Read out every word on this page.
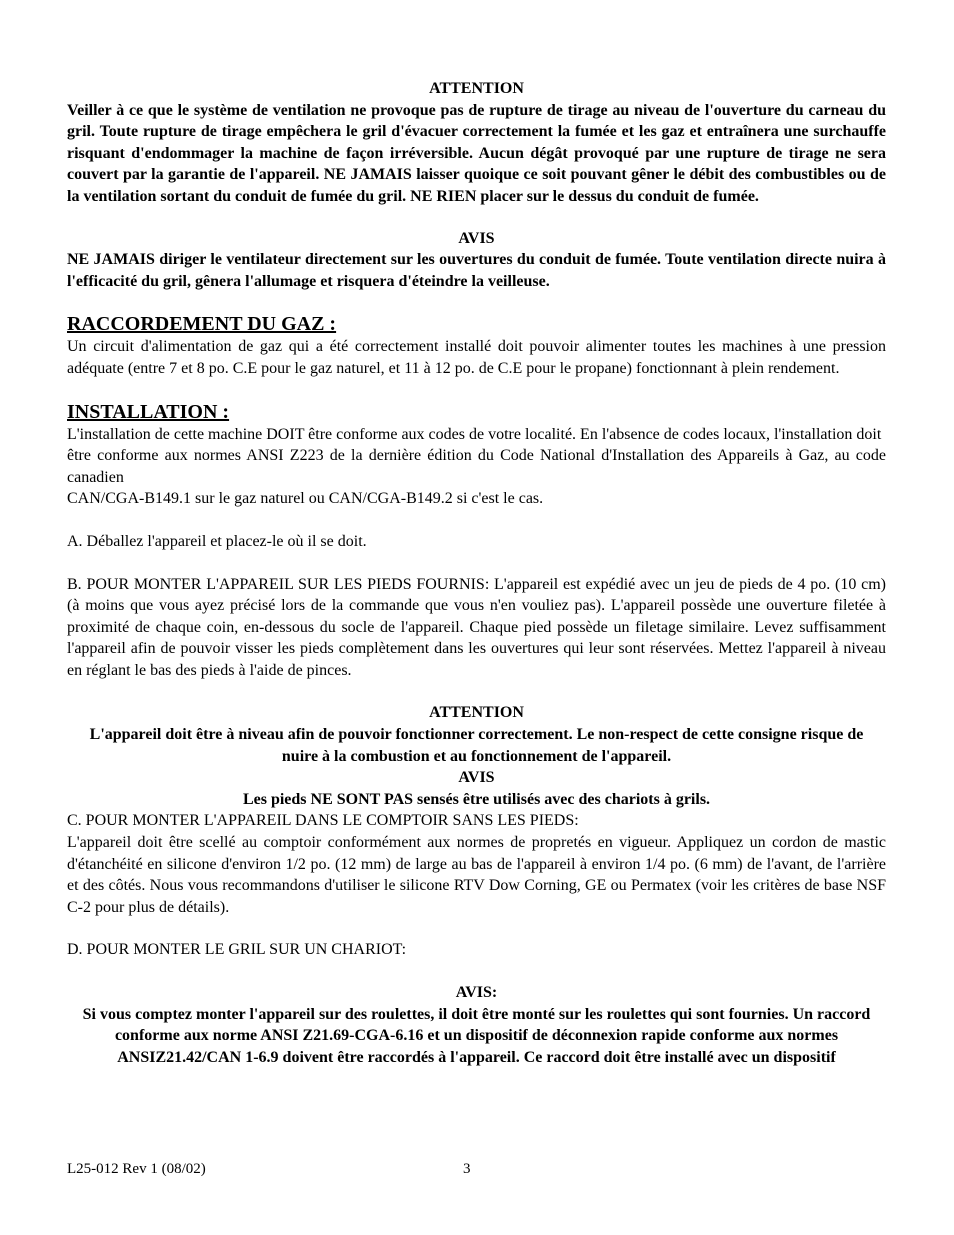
ATTENTION

Veiller à ce que le système de ventilation ne provoque pas de rupture de tirage au niveau de l'ouverture du carneau du gril. Toute rupture de tirage empêchera le gril d'évacuer correctement la fumée et les gaz et entraînera une surchauffe risquant d'endommager la machine de façon irréversible. Aucun dégât provoqué par une rupture de tirage ne sera couvert par la garantie de l'appareil. NE JAMAIS laisser quoique ce soit pouvant gêner le débit des combustibles ou de la ventilation sortant du conduit de fumée du gril. NE RIEN placer sur le dessus du conduit de fumée.

AVIS

NE JAMAIS diriger le ventilateur directement sur les ouvertures du conduit de fumée. Toute ventilation directe nuira à l'efficacité du gril, gênera l'allumage et risquera d'éteindre la veilleuse.

RACCORDEMENT DU GAZ :

Un circuit d'alimentation de gaz qui a été correctement installé doit pouvoir alimenter toutes les machines à une pression adéquate (entre 7 et 8 po. C.E pour le gaz naturel, et 11 à 12 po. de C.E pour le propane) fonctionnant à plein rendement.

INSTALLATION :

L'installation de cette machine DOIT être conforme aux codes de votre localité. En l'absence de codes locaux, l'installation doit

être conforme aux normes ANSI Z223 de la dernière édition du Code National d'Installation des Appareils à Gaz, au code canadien

CAN/CGA-B149.1 sur le gaz naturel ou CAN/CGA-B149.2 si c'est le cas.

A. Déballez l'appareil et placez-le où il se doit.

B. POUR MONTER L'APPAREIL SUR LES PIEDS FOURNIS: L'appareil est expédié avec un jeu de pieds de 4 po. (10 cm) (à moins que vous ayez précisé lors de la commande que vous n'en vouliez pas). L'appareil possède une ouverture filetée à proximité de chaque coin, en-dessous du socle de l'appareil. Chaque pied possède un filetage similaire. Levez suffisamment l'appareil afin de pouvoir visser les pieds complètement dans les ouvertures qui leur sont réservées. Mettez l'appareil à niveau en réglant le bas des pieds à l'aide de pinces.

ATTENTION

L'appareil doit être à niveau afin de pouvoir fonctionner correctement. Le non-respect de cette consigne risque de nuire à la combustion et au fonctionnement de l'appareil.

AVIS

Les pieds NE SONT PAS sensés être utilisés avec des chariots à grils.

C. POUR MONTER L'APPAREIL DANS LE COMPTOIR SANS LES PIEDS:

L'appareil doit être scellé au comptoir conformément aux normes de propretés en vigueur. Appliquez un cordon de mastic d'étanchéité en silicone d'environ 1/2 po. (12 mm) de large au bas de l'appareil à environ 1/4 po. (6 mm) de l'avant, de l'arrière et des côtés. Nous vous recommandons d'utiliser le silicone RTV Dow Corning, GE ou Permatex (voir les critères de base NSF C-2 pour plus de détails).

D. POUR MONTER LE GRIL SUR UN CHARIOT:

AVIS:

Si vous comptez monter l'appareil sur des roulettes, il doit être monté sur les roulettes qui sont fournies. Un raccord conforme aux norme ANSI Z21.69-CGA-6.16 et un dispositif de déconnexion rapide conforme aux normes ANSIZ21.42/CAN 1-6.9 doivent être raccordés à l'appareil. Ce raccord doit être installé avec un dispositif

L25-012 Rev 1 (08/02)	3
